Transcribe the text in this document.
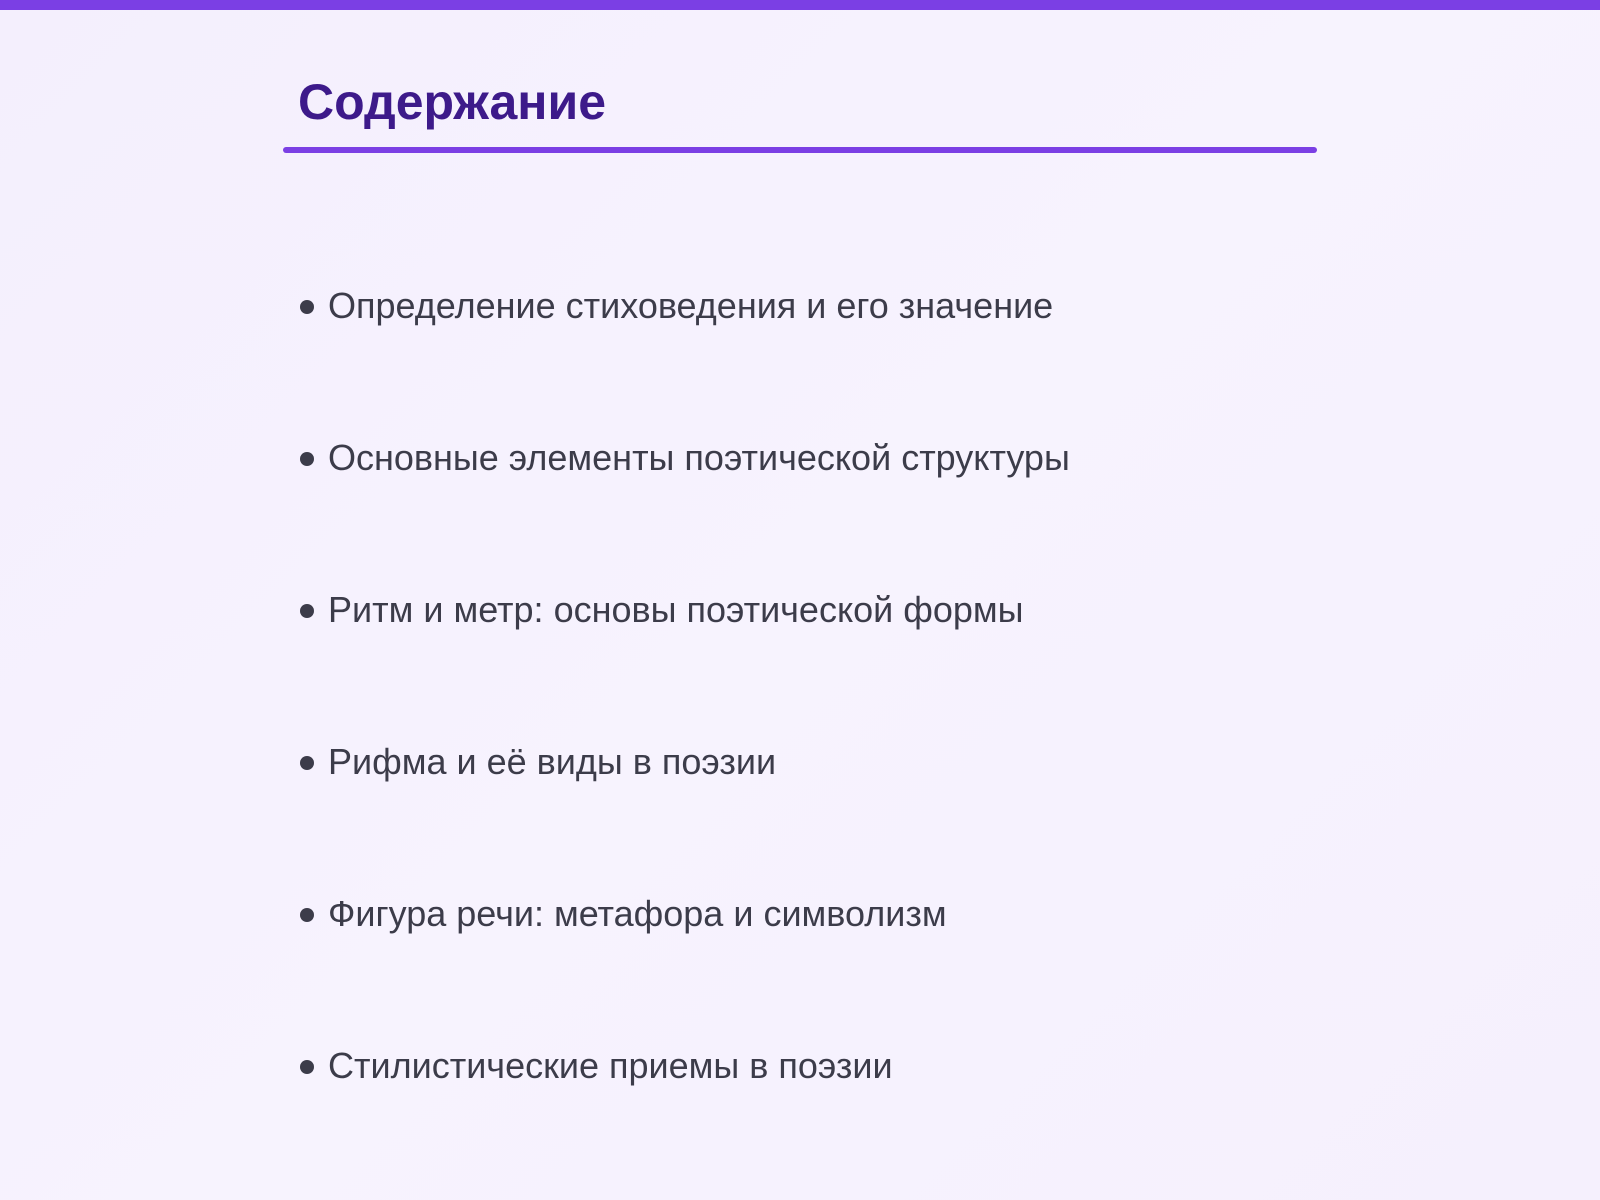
Содержание
Определение стиховедения и его значение
Основные элементы поэтической структуры
Ритм и метр: основы поэтической формы
Рифма и её виды в поэзии
Фигура речи: метафора и символизм
Стилистические приемы в поэзии
